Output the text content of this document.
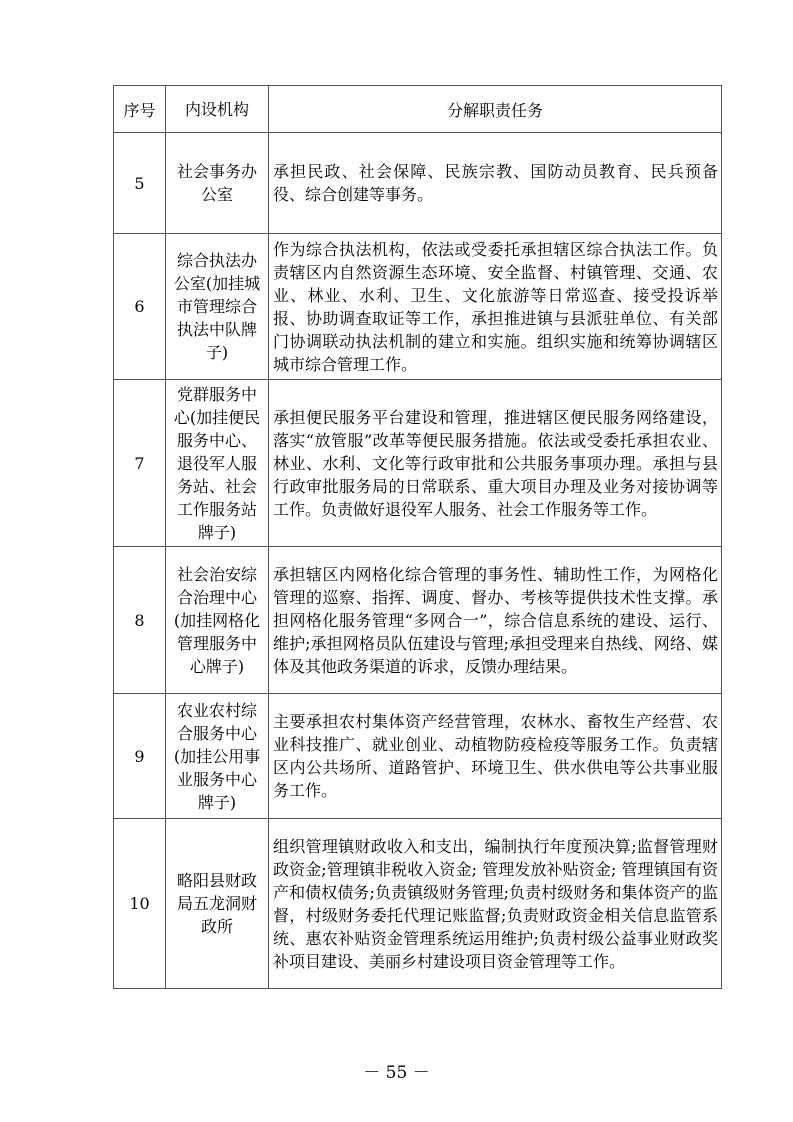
序号	内设机构	分解职责任务
5	社会事务办公室	承担民政、社会保障、民族宗教、国防动员教育、民兵预备役、综合创建等事务。

6	综合执法办公室(加挂城市管理综合执法中队牌子)	作为综合执法机构，依法或受委托承担辖区综合执法工作。负责辖区内自然资源生态环境、安全监督、村镇管理、交通、农业、林业、水利、卫生、文化旅游等日常巡查、接受投诉举报、协助调查取证等工作，承担推进镇与县派驻单位、有关部门协调联动执法机制的建立和实施。组织实施和统筹协调辖区城市综合管理工作。

7	党群服务中心(加挂便民服务中心、退役军人服务站、社会工作服务站牌子)	承担便民服务平台建设和管理，推进辖区便民服务网络建设，落实“放管服”改革等便民服务措施。依法或受委托承担农业、林业、水利、文化等行政审批和公共服务事项办理。承担与县行政审批服务局的日常联系、重大项目办理及业务对接协调等工作。负责做好退役军人服务、社会工作服务等工作。

8	社会治安综合治理中心(加挂网格化管理服务中心牌子)	承担辖区内网格化综合管理的事务性、辅助性工作，为网格化管理的巡察、指挥、调度、督办、考核等提供技术性支撑。承担网格化服务管理“多网合一”，综合信息系统的建设、运行、维护;承担网格员队伍建设与管理;承担受理来自热线、网络、媒体及其他政务渠道的诉求，反馈办理结果。

9	农业农村综合服务中心(加挂公用事业服务中心牌子)	主要承担农村集体资产经营管理，农林水、畜牧生产经营、农业科技推广、就业创业、动植物防疫检疫等服务工作。负责辖区内公共场所、道路管护、环境卫生、供水供电等公共事业服务工作。

10	略阳县财政局五龙洞财政所	组织管理镇财政收入和支出，编制执行年度预决算;监督管理财政资金;管理镇非税收入资金; 管理发放补贴资金; 管理镇国有资产和债权债务;负责镇级财务管理;负责村级财务和集体资产的监督，村级财务委托代理记账监督;负责财政资金相关信息监管系统、惠农补贴资金管理系统运用维护;负责村级公益事业财政奖补项目建设、美丽乡村建设项目资金管理等工作。
－ 55 －
